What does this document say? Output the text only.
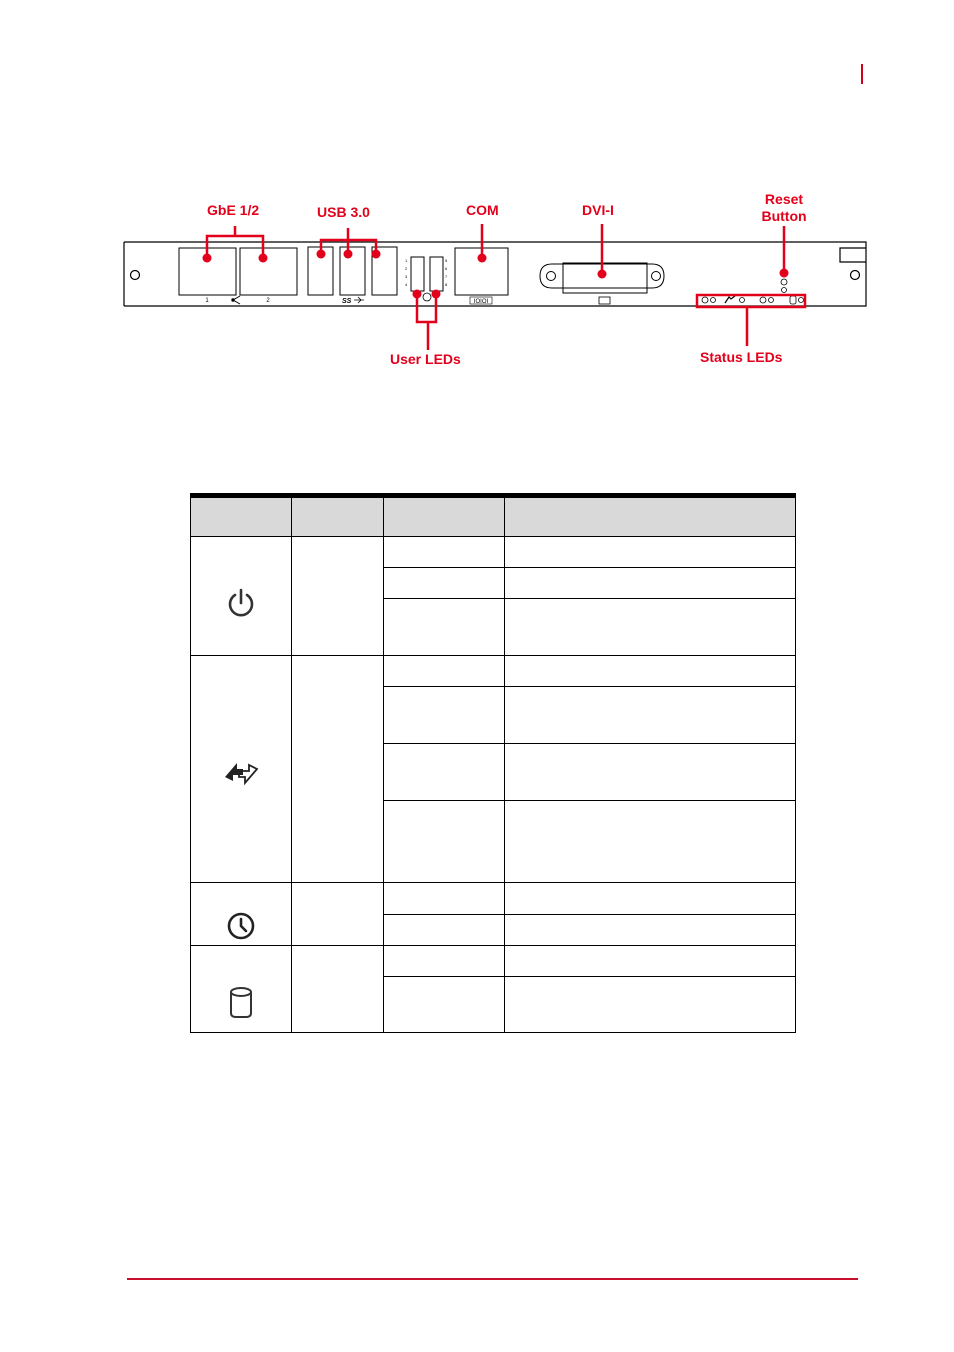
1	2	SS
1
2
3
4
5
6
7
8
IOIOI
GbE 1/2	USB 3.0	COM	DVI-I
Reset
Button
User LEDs	Status LEDs
